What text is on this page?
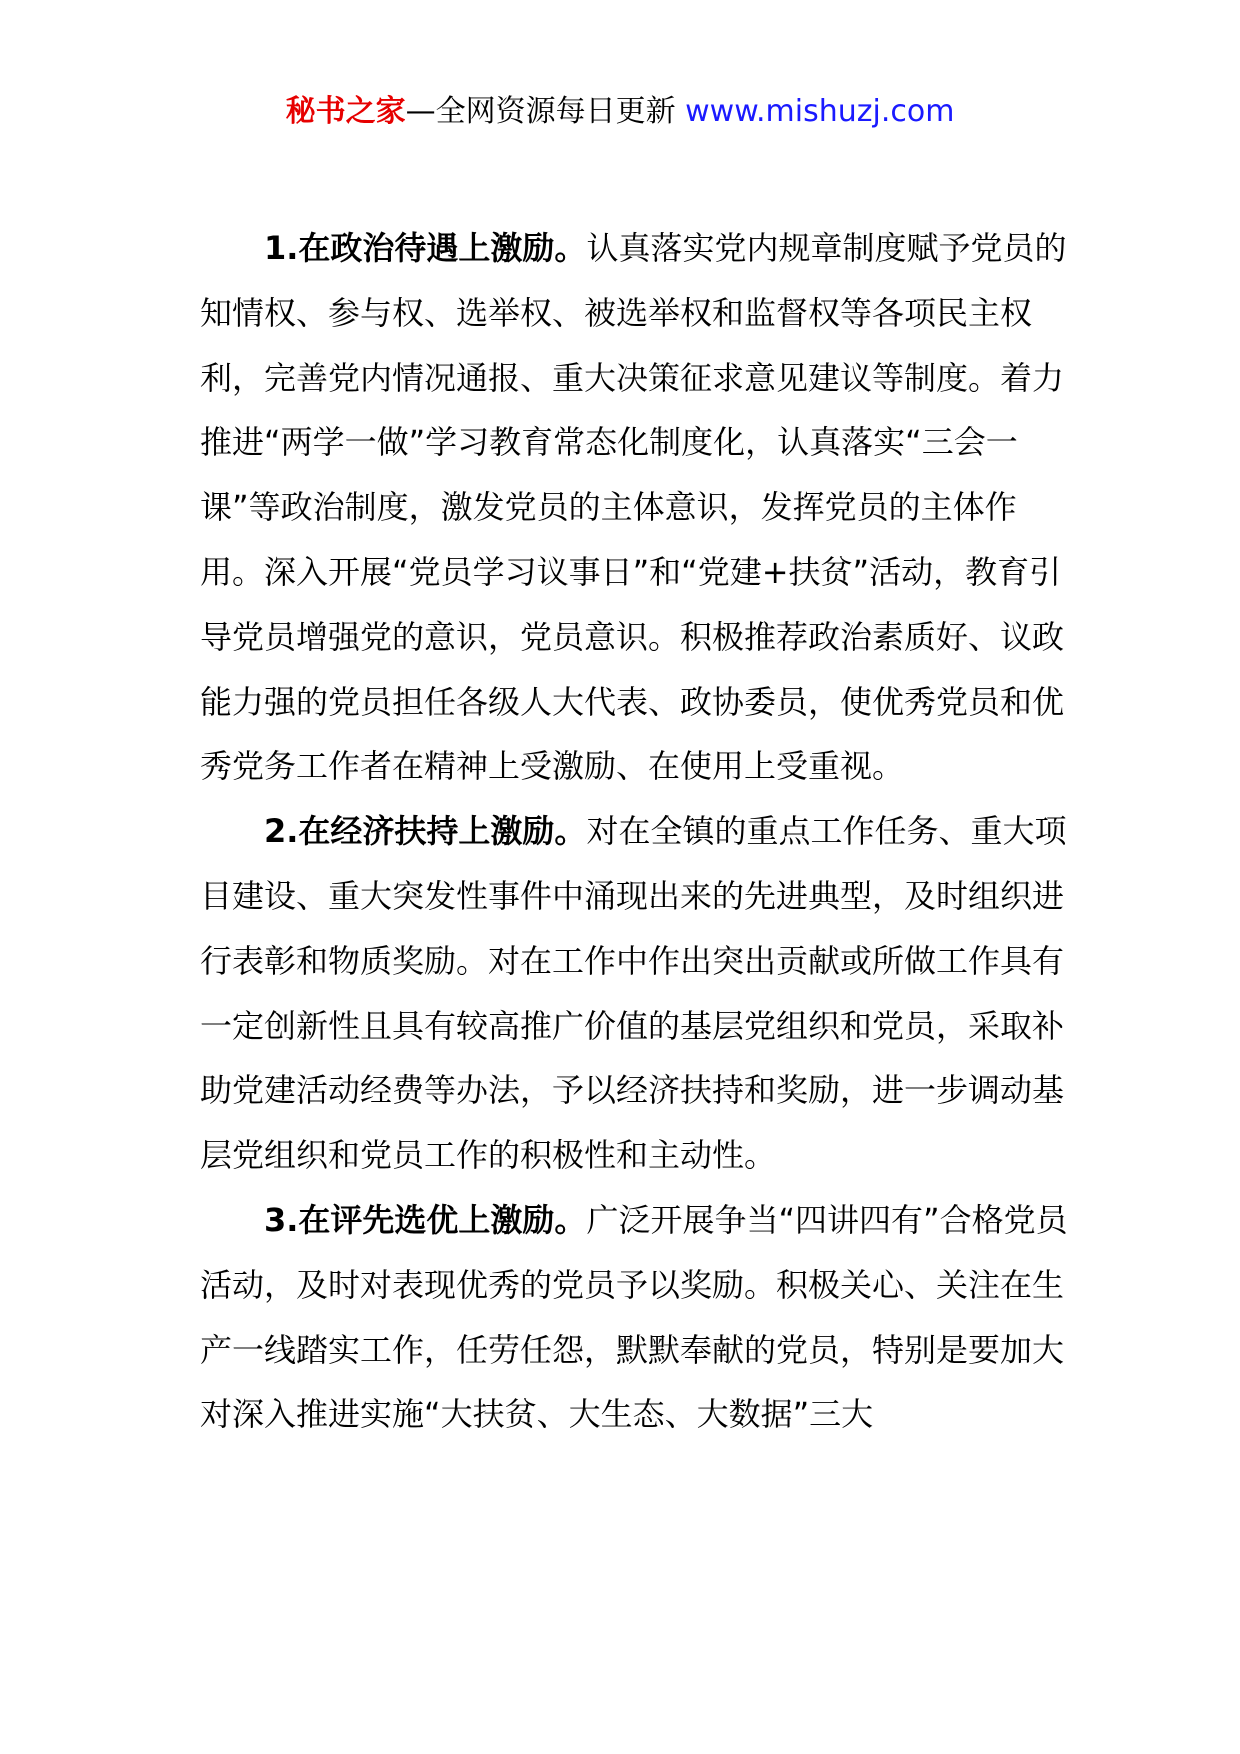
秘书之家—全网资源每日更新 www.mishuzj.com

1.在政治待遇上激励。认真落实党内规章制度赋予党员的知情权、参与权、选举权、被选举权和监督权等各项民主权利，完善党内情况通报、重大决策征求意见建议等制度。着力推进“两学一做”学习教育常态化制度化，认真落实“三会一课”等政治制度，激发党员的主体意识，发挥党员的主体作用。深入开展“党员学习议事日”和“党建+扶贫”活动，教育引导党员增强党的意识，党员意识。积极推荐政治素质好、议政能力强的党员担任各级人大代表、政协委员，使优秀党员和优秀党务工作者在精神上受激励、在使用上受重视。

2.在经济扶持上激励。对在全镇的重点工作任务、重大项目建设、重大突发性事件中涌现出来的先进典型，及时组织进行表彰和物质奖励。对在工作中作出突出贡献或所做工作具有一定创新性且具有较高推广价值的基层党组织和党员，采取补助党建活动经费等办法，予以经济扶持和奖励，进一步调动基层党组织和党员工作的积极性和主动性。

3.在评先选优上激励。广泛开展争当“四讲四有”合格党员活动，及时对表现优秀的党员予以奖励。积极关心、关注在生产一线踏实工作，任劳任怨，默默奉献的党员，特别是要加大对深入推进实施“大扶贫、大生态、大数据”三大
